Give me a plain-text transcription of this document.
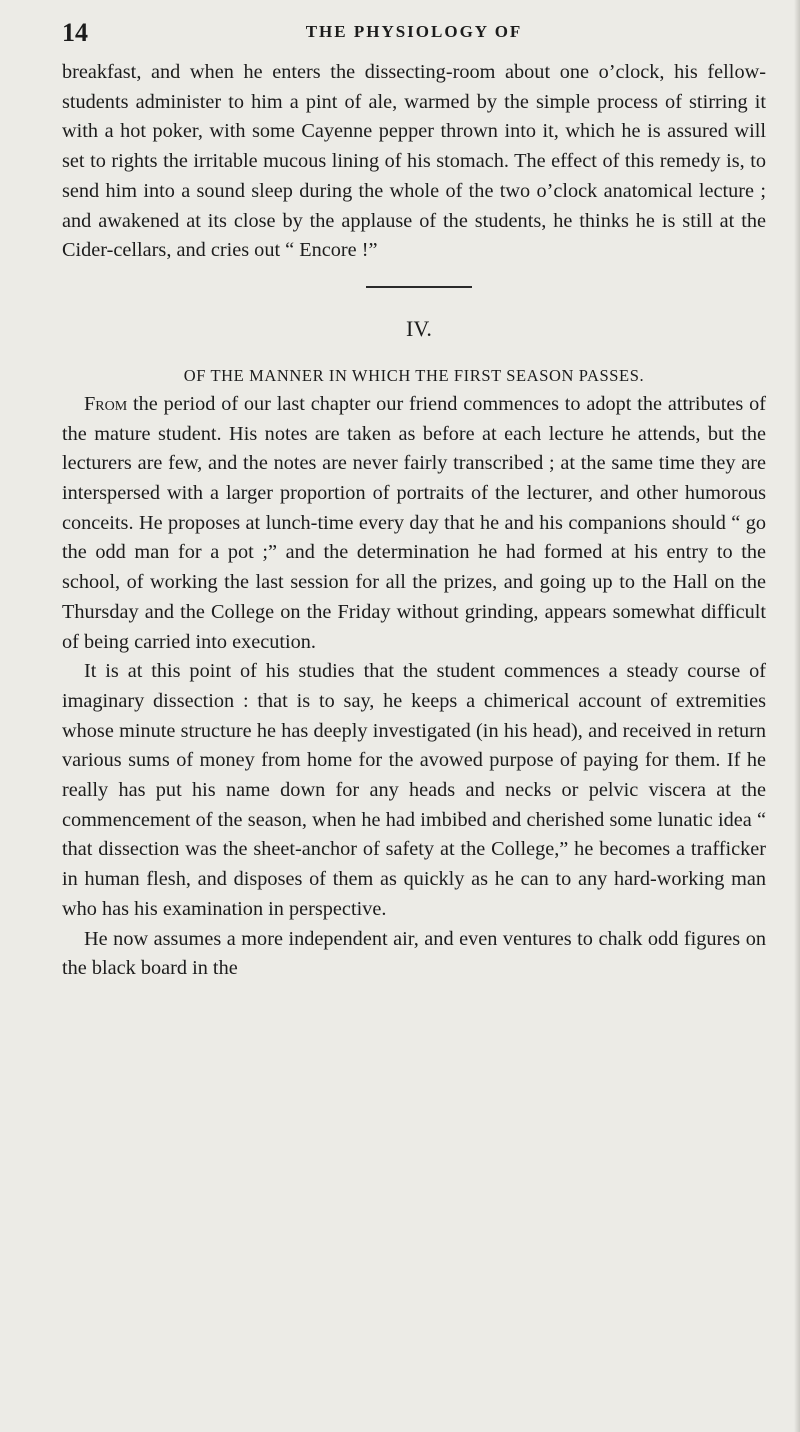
14	THE PHYSIOLOGY OF

breakfast, and when he enters the dissecting-room about one o’clock, his fellow-students administer to him a pint of ale, warmed by the simple process of stirring it with a hot poker, with some Cayenne pepper thrown into it, which he is assured will set to rights the irritable mucous lining of his stomach. The effect of this remedy is, to send him into a sound sleep during the whole of the two o’clock anatomical lecture ; and awakened at its close by the applause of the students, he thinks he is still at the Cider-cellars, and cries out “ Encore !”

IV.
OF THE MANNER IN WHICH THE FIRST SEASON PASSES.

From the period of our last chapter our friend commences to adopt the attributes of the mature student. His notes are taken as before at each lecture he attends, but the lecturers are few, and the notes are never fairly transcribed ; at the same time they are interspersed with a larger proportion of portraits of the lecturer, and other humorous conceits. He proposes at lunch-time every day that he and his companions should “ go the odd man for a pot ;” and the determination he had formed at his entry to the school, of working the last session for all the prizes, and going up to the Hall on the Thursday and the College on the Friday without grinding, appears somewhat difficult of being carried into execution.

It is at this point of his studies that the student commences a steady course of imaginary dissection : that is to say, he keeps a chimerical account of extremities whose minute structure he has deeply investigated (in his head), and received in return various sums of money from home for the avowed purpose of paying for them. If he really has put his name down for any heads and necks or pelvic viscera at the commencement of the season, when he had imbibed and cherished some lunatic idea “ that dissection was the sheet-anchor of safety at the College,” he becomes a trafficker in human flesh, and disposes of them as quickly as he can to any hard-working man who has his examination in perspective.

He now assumes a more independent air, and even ventures to chalk odd figures on the black board in the
